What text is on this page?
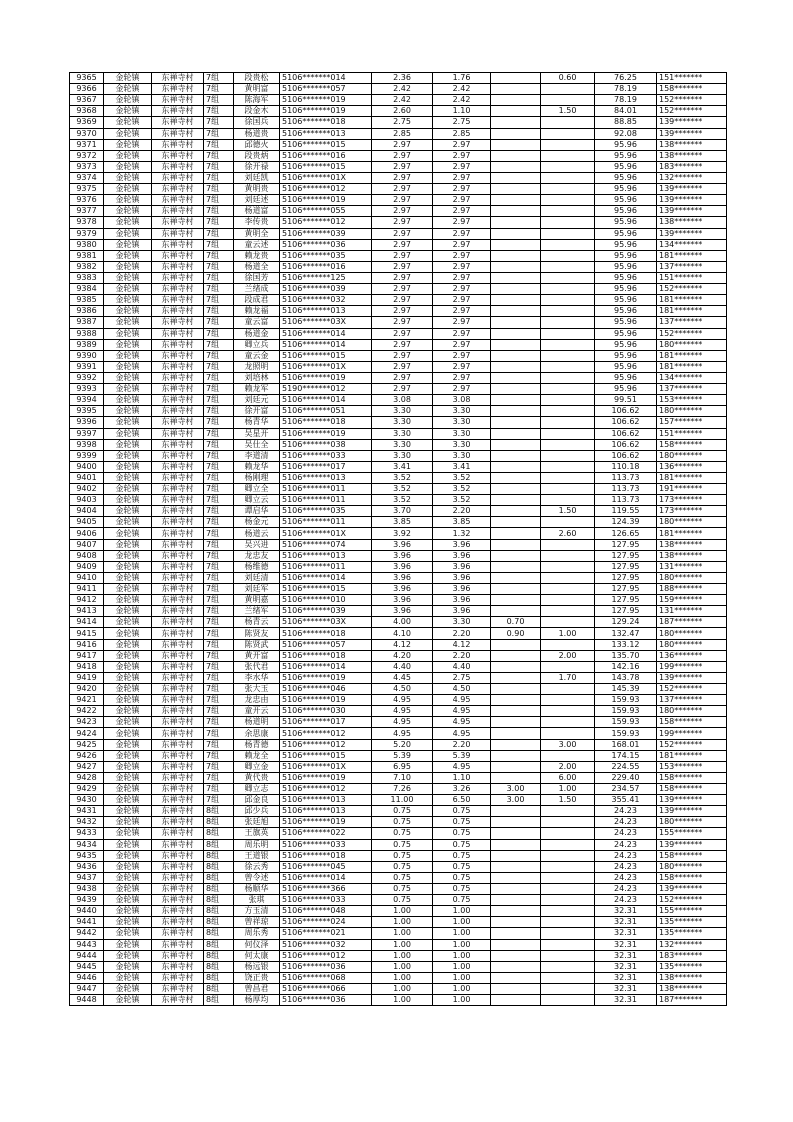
9365	金轮镇	东禅寺村	7组	段贵松	5106*******014	2.36	1.76		0.60	76.25	151*******
9366	金轮镇	东禅寺村	7组	黄明富	5106*******057	2.42	2.42			78.19	158*******
9367	金轮镇	东禅寺村	7组	陈海军	5106*******019	2.42	2.42			78.19	152*******
9368	金轮镇	东禅寺村	7组	段金木	5106*******019	2.60	1.10		1.50	84.01	152*******
9369	金轮镇	东禅寺村	7组	徐国兵	5106*******018	2.75	2.75			88.85	139*******
9370	金轮镇	东禅寺村	7组	杨道贵	5106*******013	2.85	2.85			92.08	139*******
9371	金轮镇	东禅寺村	7组	邱德火	5106*******015	2.97	2.97			95.96	138*******
9372	金轮镇	东禅寺村	7组	段贵炳	5106*******016	2.97	2.97			95.96	138*******
9373	金轮镇	东禅寺村	7组	徐开禄	5106*******015	2.97	2.97			95.96	183*******
9374	金轮镇	东禅寺村	7组	刘廷凯	5106*******01X	2.97	2.97			95.96	132*******
9375	金轮镇	东禅寺村	7组	黄明贵	5106*******012	2.97	2.97			95.96	139*******
9376	金轮镇	东禅寺村	7组	刘廷述	5106*******019	2.97	2.97			95.96	139*******
9377	金轮镇	东禅寺村	7组	杨道富	5106*******055	2.97	2.97			95.96	139*******
9378	金轮镇	东禅寺村	7组	李传贵	5106*******012	2.97	2.97			95.96	138*******
9379	金轮镇	东禅寺村	7组	黄明全	5106*******039	2.97	2.97			95.96	139*******
9380	金轮镇	东禅寺村	7组	童云述	5106*******036	2.97	2.97			95.96	134*******
9381	金轮镇	东禅寺村	7组	赖龙贵	5106*******035	2.97	2.97			95.96	181*******
9382	金轮镇	东禅寺村	7组	杨道全	5106*******016	2.97	2.97			95.96	137*******
9383	金轮镇	东禅寺村	7组	徐国芳	5106*******125	2.97	2.97			95.96	151*******
9384	金轮镇	东禅寺村	7组	兰绪成	5106*******039	2.97	2.97			95.96	152*******
9385	金轮镇	东禅寺村	7组	段成君	5106*******032	2.97	2.97			95.96	181*******
9386	金轮镇	东禅寺村	7组	赖龙福	5106*******013	2.97	2.97			95.96	181*******
9387	金轮镇	东禅寺村	7组	童云富	5106*******03X	2.97	2.97			95.96	137*******
9388	金轮镇	东禅寺村	7组	杨道金	5106*******014	2.97	2.97			95.96	152*******
9389	金轮镇	东禅寺村	7组	卿立兵	5106*******014	2.97	2.97			95.96	180*******
9390	金轮镇	东禅寺村	7组	童云金	5106*******015	2.97	2.97			95.96	181*******
9391	金轮镇	东禅寺村	7组	龙照明	5106*******01X	2.97	2.97			95.96	181*******
9392	金轮镇	东禅寺村	7组	刘培林	5106*******019	2.97	2.97			95.96	134*******
9393	金轮镇	东禅寺村	7组	赖龙军	5190*******012	2.97	2.97			95.96	137*******
9394	金轮镇	东禅寺村	7组	刘廷元	5106*******014	3.08	3.08			99.51	153*******
9395	金轮镇	东禅寺村	7组	徐开富	5106*******051	3.30	3.30			106.62	180*******
9396	金轮镇	东禅寺村	7组	杨青华	5106*******018	3.30	3.30			106.62	157*******
9397	金轮镇	东禅寺村	7组	吴星开	5106*******019	3.30	3.30			106.62	151*******
9398	金轮镇	东禅寺村	7组	吴仕全	5106*******038	3.30	3.30			106.62	158*******
9399	金轮镇	东禅寺村	7组	李道清	5106*******033	3.30	3.30			106.62	180*******
9400	金轮镇	东禅寺村	7组	赖龙华	5106*******017	3.41	3.41			110.18	136*******
9401	金轮镇	东禅寺村	7组	杨刚理	5106*******013	3.52	3.52			113.73	181*******
9402	金轮镇	东禅寺村	7组	卿立全	5106*******011	3.52	3.52			113.73	191*******
9403	金轮镇	东禅寺村	7组	卿立云	5106*******011	3.52	3.52			113.73	173*******
9404	金轮镇	东禅寺村	7组	谭启华	5106*******035	3.70	2.20		1.50	119.55	173*******
9405	金轮镇	东禅寺村	7组	杨金元	5106*******011	3.85	3.85			124.39	180*******
9406	金轮镇	东禅寺村	7组	杨道云	5106*******01X	3.92	1.32		2.60	126.65	181*******
9407	金轮镇	东禅寺村	7组	吴兴进	5106*******074	3.96	3.96			127.95	138*******
9408	金轮镇	东禅寺村	7组	龙忠友	5106*******013	3.96	3.96			127.95	138*******
9409	金轮镇	东禅寺村	7组	杨维德	5106*******011	3.96	3.96			127.95	131*******
9410	金轮镇	东禅寺村	7组	刘廷清	5106*******014	3.96	3.96			127.95	180*******
9411	金轮镇	东禅寺村	7组	刘廷军	5106*******015	3.96	3.96			127.95	188*******
9412	金轮镇	东禅寺村	7组	黄明嘉	5106*******010	3.96	3.96			127.95	159*******
9413	金轮镇	东禅寺村	7组	兰绪军	5106*******039	3.96	3.96			127.95	131*******
9414	金轮镇	东禅寺村	7组	杨青云	5106*******03X	4.00	3.30	0.70		129.24	187*******
9415	金轮镇	东禅寺村	7组	陈贤友	5106*******018	4.10	2.20	0.90	1.00	132.47	180*******
9416	金轮镇	东禅寺村	7组	陈贤武	5106*******057	4.12	4.12			133.12	180*******
9417	金轮镇	东禅寺村	7组	黄开富	5106*******018	4.20	2.20		2.00	135.70	136*******
9418	金轮镇	东禅寺村	7组	张代君	5106*******014	4.40	4.40			142.16	199*******
9419	金轮镇	东禅寺村	7组	李水华	5106*******019	4.45	2.75		1.70	143.78	139*******
9420	金轮镇	东禅寺村	7组	张大玉	5106*******046	4.50	4.50			145.39	152*******
9421	金轮镇	东禅寺村	7组	龙忠由	5106*******019	4.95	4.95			159.93	137*******
9422	金轮镇	东禅寺村	7组	童开云	5106*******030	4.95	4.95			159.93	180*******
9423	金轮镇	东禅寺村	7组	杨道明	5106*******017	4.95	4.95			159.93	158*******
9424	金轮镇	东禅寺村	7组	余思康	5106*******012	4.95	4.95			159.93	199*******
9425	金轮镇	东禅寺村	7组	杨青德	5106*******012	5.20	2.20		3.00	168.01	152*******
9426	金轮镇	东禅寺村	7组	赖龙全	5106*******015	5.39	5.39			174.15	181*******
9427	金轮镇	东禅寺村	7组	卿立金	5106*******01X	6.95	4.95		2.00	224.55	153*******
9428	金轮镇	东禅寺村	7组	黄代贵	5106*******019	7.10	1.10		6.00	229.40	158*******
9429	金轮镇	东禅寺村	7组	卿立志	5106*******012	7.26	3.26	3.00	1.00	234.57	158*******
9430	金轮镇	东禅寺村	7组	邱金良	5106*******013	11.00	6.50	3.00	1.50	355.41	139*******
9431	金轮镇	东禅寺村	8组	邱少兵	5106*******013	0.75	0.75			24.23	139*******
9432	金轮镇	东禅寺村	8组	张廷旭	5106*******019	0.75	0.75			24.23	180*******
9433	金轮镇	东禅寺村	8组	王旗英	5106*******022	0.75	0.75			24.23	155*******
9434	金轮镇	东禅寺村	8组	周乐明	5106*******033	0.75	0.75			24.23	139*******
9435	金轮镇	东禅寺村	8组	王道银	5106*******018	0.75	0.75			24.23	158*******
9436	金轮镇	东禅寺村	8组	徐云秀	5106*******045	0.75	0.75			24.23	180*******
9437	金轮镇	东禅寺村	8组	曾令述	5106*******014	0.75	0.75			24.23	158*******
9438	金轮镇	东禅寺村	8组	杨顺华	5106*******366	0.75	0.75			24.23	139*******
9439	金轮镇	东禅寺村	8组	张琪	5106*******033	0.75	0.75			24.23	152*******
9440	金轮镇	东禅寺村	8组	方玉清	5106*******048	1.00	1.00			32.31	155*******
9441	金轮镇	东禅寺村	8组	曾祥琼	5106*******024	1.00	1.00			32.31	135*******
9442	金轮镇	东禅寺村	8组	周乐秀	5106*******021	1.00	1.00			32.31	135*******
9443	金轮镇	东禅寺村	8组	何仪泽	5106*******032	1.00	1.00			32.31	132*******
9444	金轮镇	东禅寺村	8组	何太康	5106*******012	1.00	1.00			32.31	183*******
9445	金轮镇	东禅寺村	8组	杨远银	5106*******036	1.00	1.00			32.31	135*******
9446	金轮镇	东禅寺村	8组	饶正贵	5106*******068	1.00	1.00			32.31	138*******
9447	金轮镇	东禅寺村	8组	曾昌君	5106*******066	1.00	1.00			32.31	138*******
9448	金轮镇	东禅寺村	8组	杨厚均	5106*******036	1.00	1.00			32.31	187*******
